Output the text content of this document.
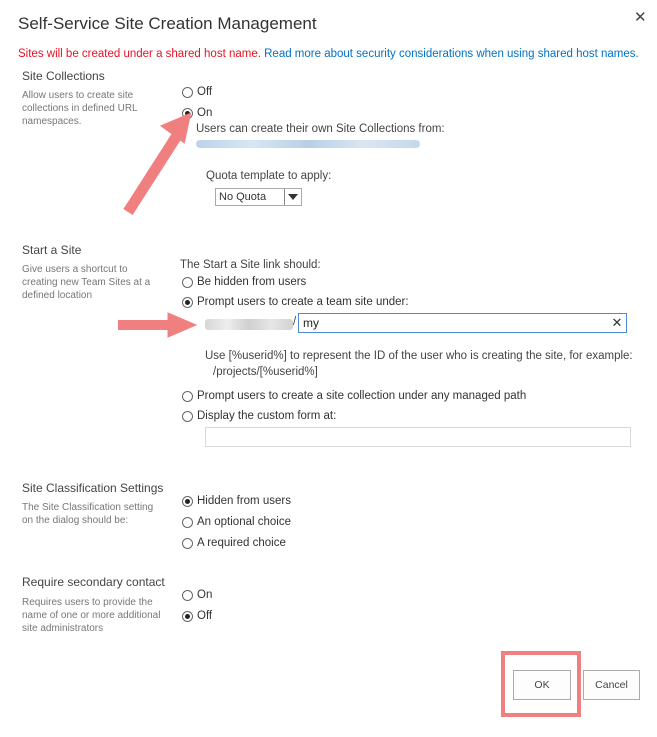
Self-Service Site Creation Management	✕
Sites will be created under a shared host name. Read more about security considerations when using shared host names.
Site Collections
Allow users to create site collections in defined URL namespaces.
Off
On
Users can create their own Site Collections from:
Quota template to apply:
No Quota
Start a Site
Give users a shortcut to creating new Team Sites at a defined location
The Start a Site link should:
Be hidden from users
Prompt users to create a team site under:
/ my	✕
Use [%userid%] to represent the ID of the user who is creating the site, for example:
/projects/[%userid%]
Prompt users to create a site collection under any managed path
Display the custom form at:
Site Classification Settings
The Site Classification setting on the dialog should be:
Hidden from users
An optional choice
A required choice
Require secondary contact
Requires users to provide the name of one or more additional site administrators
On
Off
OK	Cancel
